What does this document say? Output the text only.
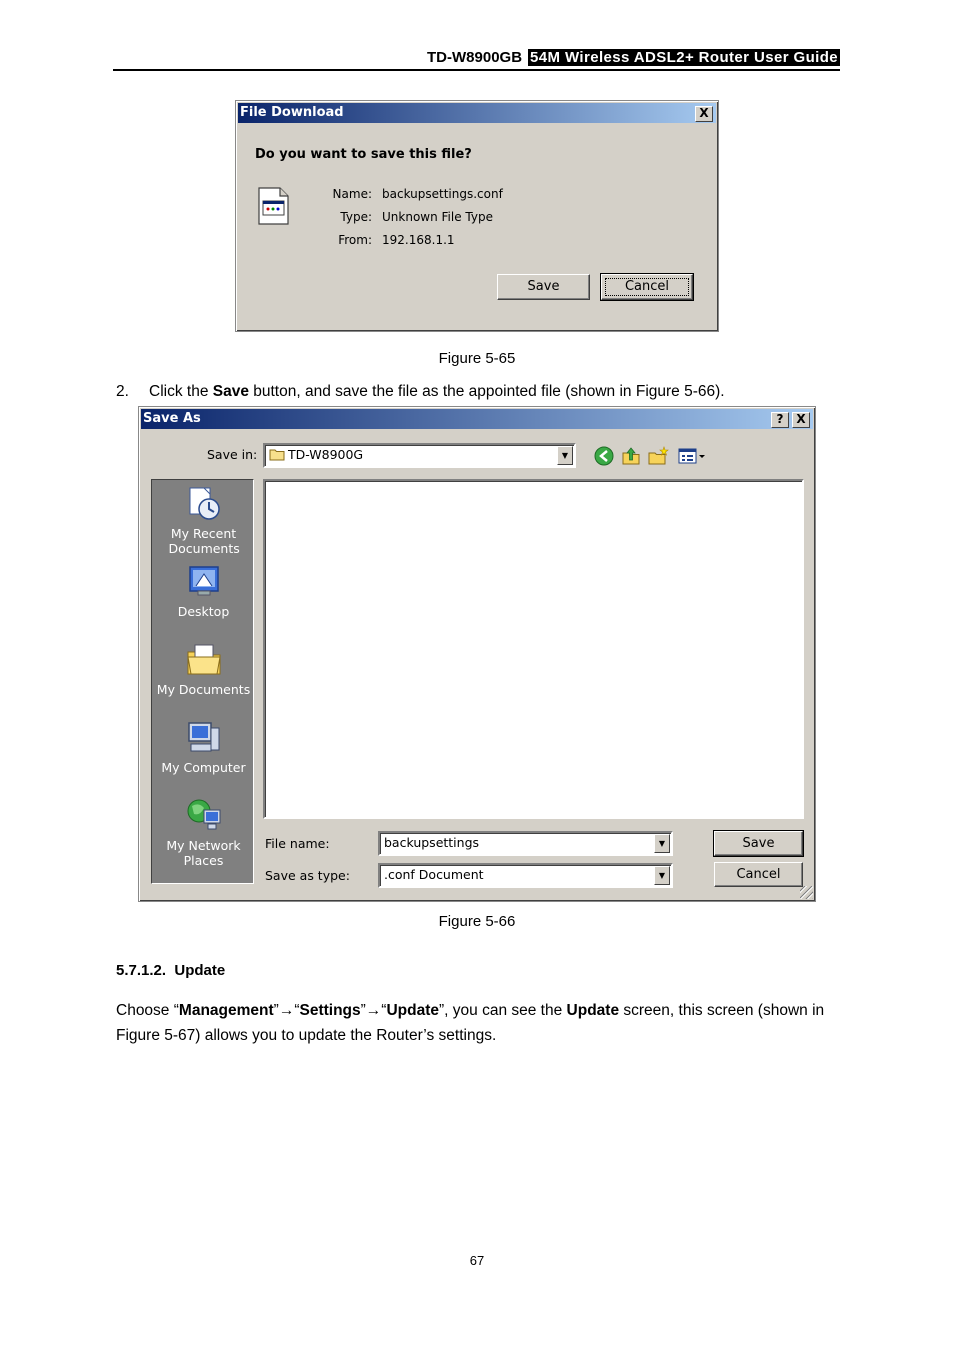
TD-W8900GB 54M Wireless ADSL2+ Router User Guide
File Download	X
Do you want to save this file?
Name: backupsettings.conf
Type: Unknown File Type
From: 192.168.1.1
Save	Cancel
Figure 5-65
2. Click the Save button, and save the file as the appointed file (shown in Figure 5-66).
Save As	?	X
Save in:	TD-W8900G	▼
My Recent Documents
Desktop
My Documents
My Computer
My Network Places
File name:	backupsettings	▼
Save as type:	.conf Document	▼
Save
Cancel
Figure 5-66
5.7.1.2. Update
Choose “Management”→“Settings”→“Update”, you can see the Update screen, this screen (shown in Figure 5-67) allows you to update the Router’s settings.
67
